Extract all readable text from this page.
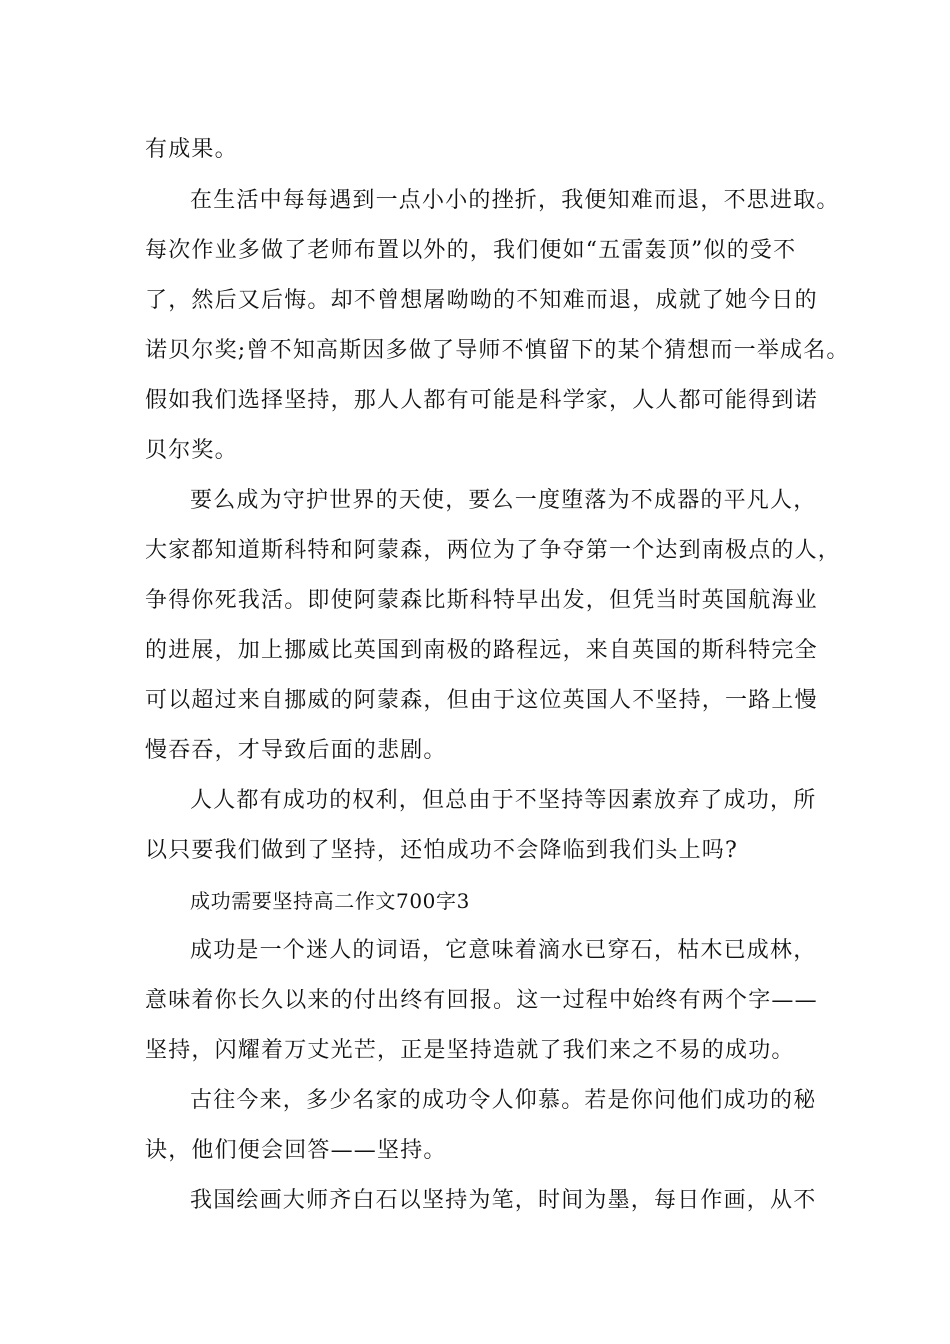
有成果。
在生活中每每遇到一点小小的挫折，我便知难而退，不思进取。
每次作业多做了老师布置以外的，我们便如“五雷轰顶”似的受不
了，然后又后悔。却不曾想屠呦呦的不知难而退，成就了她今日的
诺贝尔奖;曾不知高斯因多做了导师不慎留下的某个猜想而一举成名。
假如我们选择坚持，那人人都有可能是科学家，人人都可能得到诺
贝尔奖。
要么成为守护世界的天使，要么一度堕落为不成器的平凡人，
大家都知道斯科特和阿蒙森，两位为了争夺第一个达到南极点的人，
争得你死我活。即使阿蒙森比斯科特早出发，但凭当时英国航海业
的进展，加上挪威比英国到南极的路程远，来自英国的斯科特完全
可以超过来自挪威的阿蒙森，但由于这位英国人不坚持，一路上慢
慢吞吞，才导致后面的悲剧。
人人都有成功的权利，但总由于不坚持等因素放弃了成功，所
以只要我们做到了坚持，还怕成功不会降临到我们头上吗?
成功需要坚持高二作文700字3
成功是一个迷人的词语，它意味着滴水已穿石，枯木已成林，
意味着你长久以来的付出终有回报。这一过程中始终有两个字——
坚持，闪耀着万丈光芒，正是坚持造就了我们来之不易的成功。
古往今来，多少名家的成功令人仰慕。若是你问他们成功的秘
诀，他们便会回答——坚持。
我国绘画大师齐白石以坚持为笔，时间为墨，每日作画，从不
